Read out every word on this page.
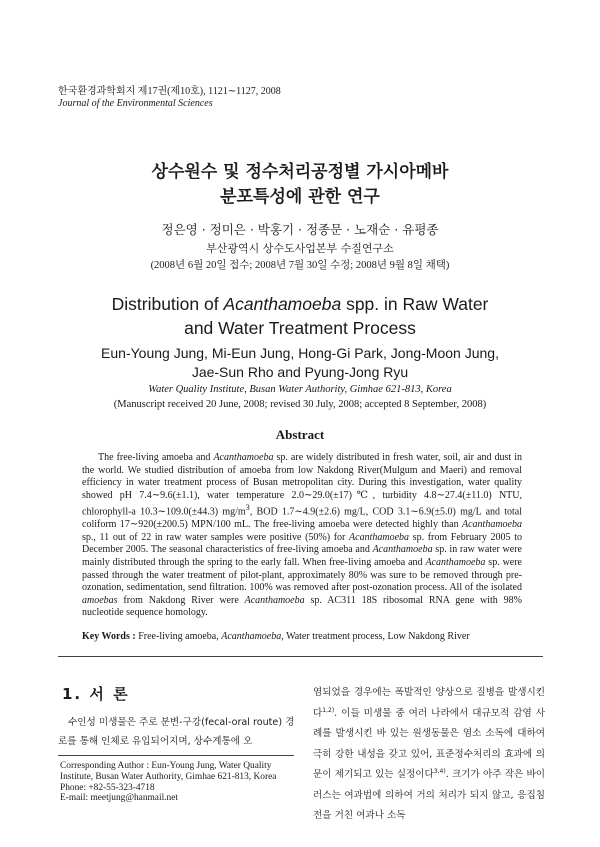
한국환경과학회지 제17권(제10호), 1121∼1127, 2008
Journal of the Environmental Sciences
상수원수 및 정수처리공정별 가시아메바
분포특성에 관한 연구
정은영 · 정미은 · 박홍기 · 정종문 · 노재순 · 유평종
부산광역시 상수도사업본부 수질연구소
(2008년 6월 20일 접수; 2008년 7월 30일 수정; 2008년 9월 8일 채택)
Distribution of Acanthamoeba spp. in Raw Water
and Water Treatment Process
Eun-Young Jung, Mi-Eun Jung, Hong-Gi Park, Jong-Moon Jung,
Jae-Sun Rho and Pyung-Jong Ryu
Water Quality Institute, Busan Water Authority, Gimhae 621-813, Korea
(Manuscript received 20 June, 2008; revised 30 July, 2008; accepted 8 September, 2008)
Abstract

The free-living amoeba and Acanthamoeba sp. are widely distributed in fresh water, soil, air and dust in the world. We studied distribution of amoeba from low Nakdong River(Mulgum and Maeri) and removal efficiency in water treatment process of Busan metropolitan city. During this investigation, water quality showed pH 7.4∼9.6(±1.1), water temperature 2.0∼29.0(±17)℃, turbidity 4.8∼27.4(±11.0) NTU, chlorophyll-a 10.3∼109.0(±44.3) $mg/m^3$, BOD 1.7∼4.9(±2.6) mg/L, COD 3.1∼6.9(±5.0) mg/L and total coliform 17∼920(±200.5) MPN/100 mL. The free-living amoeba were detected highly than Acanthamoeba sp., 11 out of 22 in raw water samples were positive (50%) for Acanthamoeba sp. from February 2005 to December 2005. The seasonal characteristics of free-living amoeba and Acanthamoeba sp. in raw water were mainly distributed through the spring to the early fall. When free-living amoeba and Acanthamoeba sp. were passed through the water treatment of pilot-plant, approximately 80% was sure to be removed through pre-ozonation, sedimentation, send filtration. 100% was removed after post-ozonation process. All of the isolated amoebas from Nakdong River were Acanthamoeba sp. AC311 18S ribosomal RNA gene with 98% nucleotide sequence homology.

Key Words : Free-living amoeba, Acanthamoeba, Water treatment process, Low Nakdong River
1. 서 론

수인성 미생물은 주로 분변-구강(fecal-oral route) 경로를 통해 인체로 유입되어지며, 상수계통에 오

Corresponding Author : Eun-Young Jung, Water Quality
Institute, Busan Water Authority, Gimhae 621-813, Korea
Phone: +82-55-323-4718
E-mail: meetjung@hanmail.net
염되었을 경우에는 폭발적인 양상으로 질병을 발생시킨다$^{1,2)}$. 이들 미생물 중 여러 나라에서 대규모적 감염 사례를 발생시킨 바 있는 원생동물은 염소 소독에 대하여 극히 강한 내성을 갖고 있어, 표준정수처리의 효과에 의문이 제기되고 있는 실정이다$^{3,4)}$. 크기가 아주 작은 바이러스는 여과법에 의하여 거의 처리가 되지 않고, 응집침전을 거친 여과나 소독
